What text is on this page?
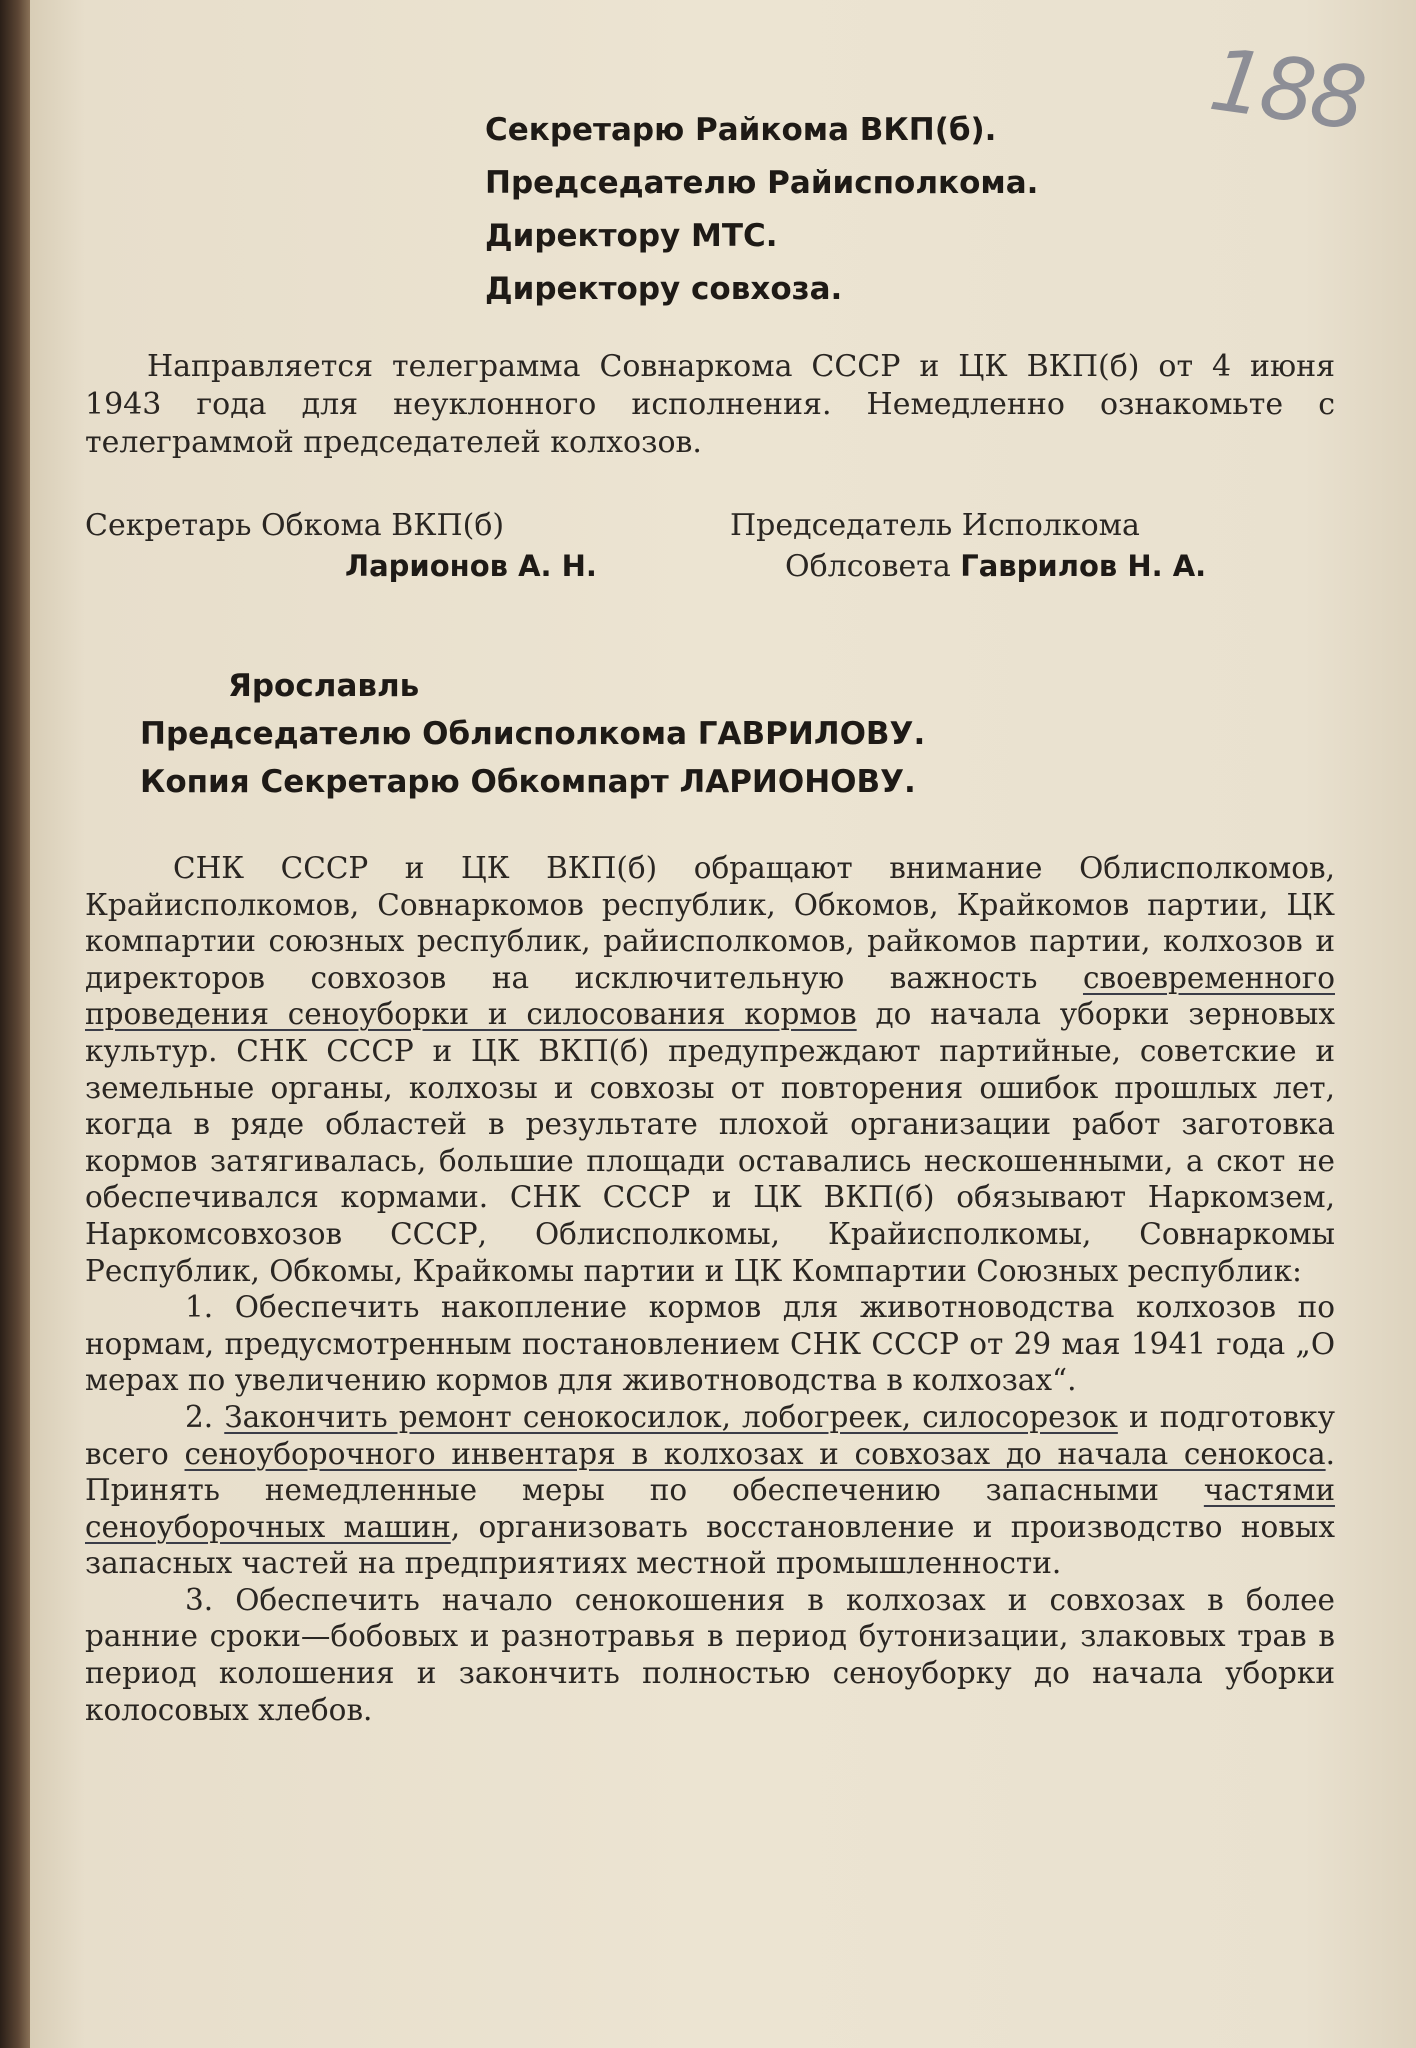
188
Секретарю Райкома ВКП(б).
Председателю Райисполкома.
Директору МТС.
Директору совхоза.

Направляется телеграмма Совнаркома СССР и ЦК ВКП(б) от 4 июня 1943 года для неуклонного исполнения. Немедленно ознакомьте с телеграммой председателей колхозов.

Секретарь Обкома ВКП(б)
Ларионов А. Н.
Председатель Исполкома
Облсовета Гаврилов Н. А.
Ярославль
Председателю Облисполкома ГАВРИЛОВУ.
Копия Секретарю Обкомпарт ЛАРИОНОВУ.

СНК СССР и ЦК ВКП(б) обращают внимание Облисполкомов, Крайисполкомов, Совнаркомов республик, Обкомов, Крайкомов партии, ЦК компартии союзных республик, райисполкомов, райкомов партии, колхозов и директоров совхозов на исключительную важность своевременного проведения сеноуборки и силосования кормов до начала уборки зерновых культур. СНК СССР и ЦК ВКП(б) предупреждают партийные, советские и земельные органы, колхозы и совхозы от повторения ошибок прошлых лет, когда в ряде областей в результате плохой организации работ заготовка кормов затягивалась, большие площади оставались нескошенными, а скот не обеспечивался кормами. СНК СССР и ЦК ВКП(б) обязывают Наркомзем, Наркомсовхозов СССР, Облисполкомы, Крайисполкомы, Совнаркомы Республик, Обкомы, Крайкомы партии и ЦК Компартии Союзных республик:

1. Обеспечить накопление кормов для животноводства колхозов по нормам, предусмотренным постановлением СНК СССР от 29 мая 1941 года „О мерах по увеличению кормов для животноводства в колхозах“.

2. Закончить ремонт сенокосилок, лобогреек, силосорезок и подготовку всего сеноуборочного инвентаря в колхозах и совхозах до начала сенокоса. Принять немедленные меры по обеспечению запасными частями сеноуборочных машин, организовать восстановление и производство новых запасных частей на предприятиях местной промышленности.

3. Обеспечить начало сенокошения в колхозах и совхозах в более ранние сроки—бобовых и разнотравья в период бутонизации, злаковых трав в период колошения и закончить полностью сеноуборку до начала уборки колосовых хлебов.
